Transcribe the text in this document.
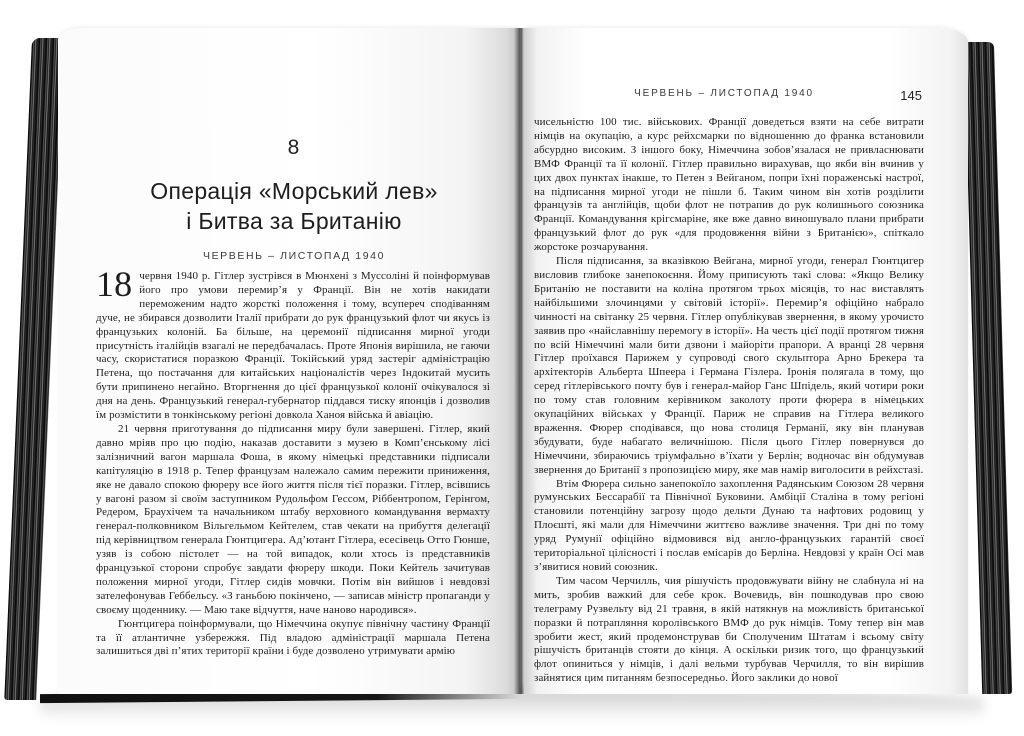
8
Операція «Морський лев»
і Битва за Британію
ЧЕРВЕНЬ – ЛИСТОПАД 1940

18 червня 1940 р. Гітлер зустрівся в Мюнхені з Муссоліні й поінформував його про умови перемир’я у Франції. Він не хотів накидати переможеним надто жорсткі положення і тому, всупереч сподіванням дуче, не збирався дозволити Італії прибрати до рук французький флот чи якусь із французьких колоній. Ба більше, на церемонії підписання мирної угоди присутність італійців взагалі не передбачалась. Проте Японія вирішила, не гаючи часу, скористатися поразкою Франції. Токійський уряд застеріг адміністрацію Петена, що постачання для китайських націоналістів через Індокитай мусить бути припинено негайно. Вторгнення до цієї французької колонії очікувалося зі дня на день. Французький генерал-губернатор піддався тиску японців і дозволив їм розмістити в тонкінському регіоні довкола Ханоя війська й авіацію.

21 червня приготування до підписання миру були завершені. Гітлер, який давно мріяв про цю подію, наказав доставити з музею в Комп’єнському лісі залізничний вагон маршала Фоша, в якому німецькі представники підписали капітуляцію в 1918 р. Тепер французам належало самим пережити приниження, яке не давало спокою фюреру все його життя після тієї поразки. Гітлер, всівшись у вагоні разом зі своїм заступником Рудольфом Гессом, Ріббентропом, Герінгом, Редером, Браухічем та начальником штабу верховного командування вермахту генерал-полковником Вільгельмом Кейтелем, став чекати на прибуття делегації під керівництвом генерала Гюнтцигера. Ад’ютант Гітлера, есесівець Отто Гюнше, узяв із собою пістолет — на той випадок, коли хтось із представників французької сторони спробує завдати фюреру шкоди. Поки Кейтель зачитував положення мирної угоди, Гітлер сидів мовчки. Потім він вийшов і невдовзі зателефонував Геббельсу. «З ганьбою покінчено, — записав міністр пропаганди у своєму щоденнику. — Маю таке відчуття, наче наново народився».

Гюнтцигера поінформували, що Німеччина окупує північну частину Франції та її атлантичне узбережжя. Під владою адміністрації маршала Петена залишиться дві п’ятих території країни і буде дозволено утримувати армію

ЧЕРВЕНЬ – ЛИСТОПАД 1940	145

чисельністю 100 тис. військових. Франції доведеться взяти на себе витрати німців на окупацію, а курс рейхсмарки по відношенню до франка встановили абсурдно високим. З іншого боку, Німеччина зобов’язалася не привласнювати ВМФ Франції та її колонії. Гітлер правильно вирахував, що якби він вчинив у цих двох пунктах інакше, то Петен з Вейганом, попри їхні пораженські настрої, на підписання мирної угоди не пішли б. Таким чином він хотів розділити французів та англійців, щоби флот не потрапив до рук колишнього союзника Франції. Командування крігсмаріне, яке вже давно виношувало плани прибрати французький флот до рук «для продовження війни з Британією», спіткало жорстоке розчарування.

Після підписання, за вказівкою Вейгана, мирної угоди, генерал Гюнтцигер висловив глибоке занепокоєння. Йому приписують такі слова: «Якщо Велику Британію не поставити на коліна протягом трьох місяців, то нас виставлять найбільшими злочинцями у світовій історії». Перемир’я офіційно набрало чинності на світанку 25 червня. Гітлер опублікував звернення, в якому урочисто заявив про «найславнішу перемогу в історії». На честь цієї події протягом тижня по всій Німеччині мали бити дзвони і майоріти прапори. А вранці 28 червня Гітлер проїхався Парижем у супроводі свого скульптора Арно Брекера та архітекторів Альберта Шпеера і Германа Гізлера. Іронія полягала в тому, що серед гітлерівського почту був і генерал-майор Ганс Шпідель, який чотири роки по тому став головним керівником заколоту проти фюрера в німецьких окупаційних військах у Франції. Париж не справив на Гітлера великого враження. Фюрер сподівався, що нова столиця Германії, яку він планував збудувати, буде набагато величнішою. Після цього Гітлер повернувся до Німеччини, збираючись тріумфально в’їхати у Берлін; водночас він обдумував звернення до Британії з пропозицією миру, яке мав намір виголосити в рейхстазі.

Втім Фюрера сильно занепокоїло захоплення Радянським Союзом 28 червня румунських Бессарабії та Північної Буковини. Амбіції Сталіна в тому регіоні становили потенційну загрозу щодо дельти Дунаю та нафтових родовищ у Плоєшті, які мали для Німеччини життєво важливе значення. Три дні по тому уряд Румунії офіційно відмовився від англо-французьких гарантій своєї територіальної цілісності і послав емісарів до Берліна. Невдовзі у країн Осі мав з’явитися новий союзник.

Тим часом Черчилль, чия рішучість продовжувати війну не слабнула ні на мить, зробив важкий для себе крок. Вочевидь, він пошкодував про свою телеграму Рузвельту від 21 травня, в якій натякнув на можливість британської поразки й потрапляння королівського ВМФ до рук німців. Тому тепер він мав зробити жест, який продемонстрував би Сполученим Штатам і всьому світу рішучість британців стояти до кінця. А оскільки ризик того, що французький флот опиниться у німців, і далі вельми турбував Черчилля, то він вирішив зайнятися цим питанням безпосередньо. Його заклики до нової
